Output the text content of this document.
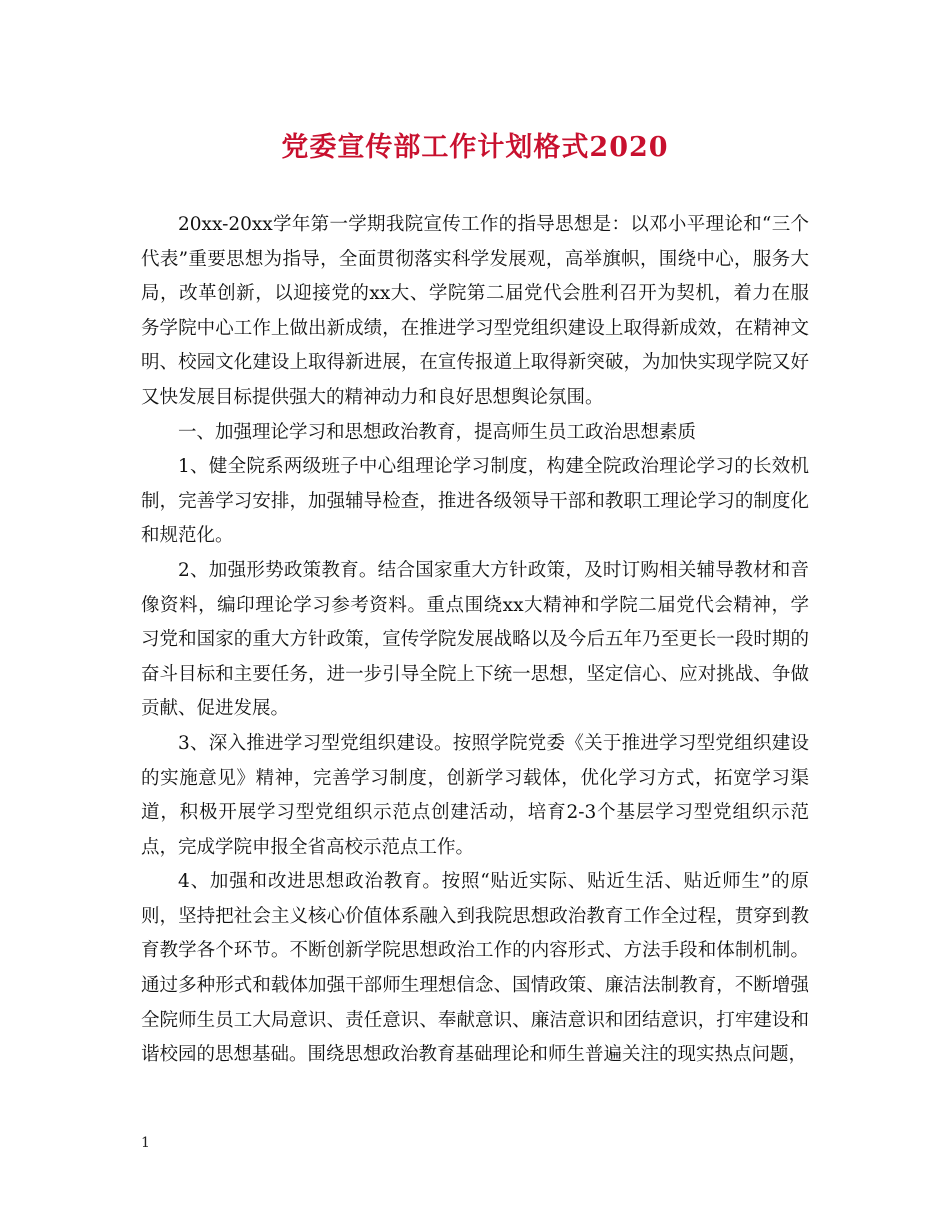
党委宣传部工作计划格式2020

20xx-20xx学年第一学期我院宣传工作的指导思想是：以邓小平理论和“三个代表”重要思想为指导，全面贯彻落实科学发展观，高举旗帜，围绕中心，服务大局，改革创新，以迎接党的xx大、学院第二届党代会胜利召开为契机，着力在服务学院中心工作上做出新成绩，在推进学习型党组织建设上取得新成效，在精神文明、校园文化建设上取得新进展，在宣传报道上取得新突破，为加快实现学院又好又快发展目标提供强大的精神动力和良好思想舆论氛围。

一、加强理论学习和思想政治教育，提高师生员工政治思想素质

1、健全院系两级班子中心组理论学习制度，构建全院政治理论学习的长效机制，完善学习安排，加强辅导检查，推进各级领导干部和教职工理论学习的制度化和规范化。

2、加强形势政策教育。结合国家重大方针政策，及时订购相关辅导教材和音像资料，编印理论学习参考资料。重点围绕xx大精神和学院二届党代会精神，学习党和国家的重大方针政策，宣传学院发展战略以及今后五年乃至更长一段时期的奋斗目标和主要任务，进一步引导全院上下统一思想，坚定信心、应对挑战、争做贡献、促进发展。

3、深入推进学习型党组织建设。按照学院党委《关于推进学习型党组织建设的实施意见》精神，完善学习制度，创新学习载体，优化学习方式，拓宽学习渠道，积极开展学习型党组织示范点创建活动，培育2-3个基层学习型党组织示范点，完成学院申报全省高校示范点工作。

4、加强和改进思想政治教育。按照“贴近实际、贴近生活、贴近师生”的原则，坚持把社会主义核心价值体系融入到我院思想政治教育工作全过程，贯穿到教育教学各个环节。不断创新学院思想政治工作的内容形式、方法手段和体制机制。通过多种形式和载体加强干部师生理想信念、国情政策、廉洁法制教育，不断增强全院师生员工大局意识、责任意识、奉献意识、廉洁意识和团结意识，打牢建设和谐校园的思想基础。围绕思想政治教育基础理论和师生普遍关注的现实热点问题，

1
